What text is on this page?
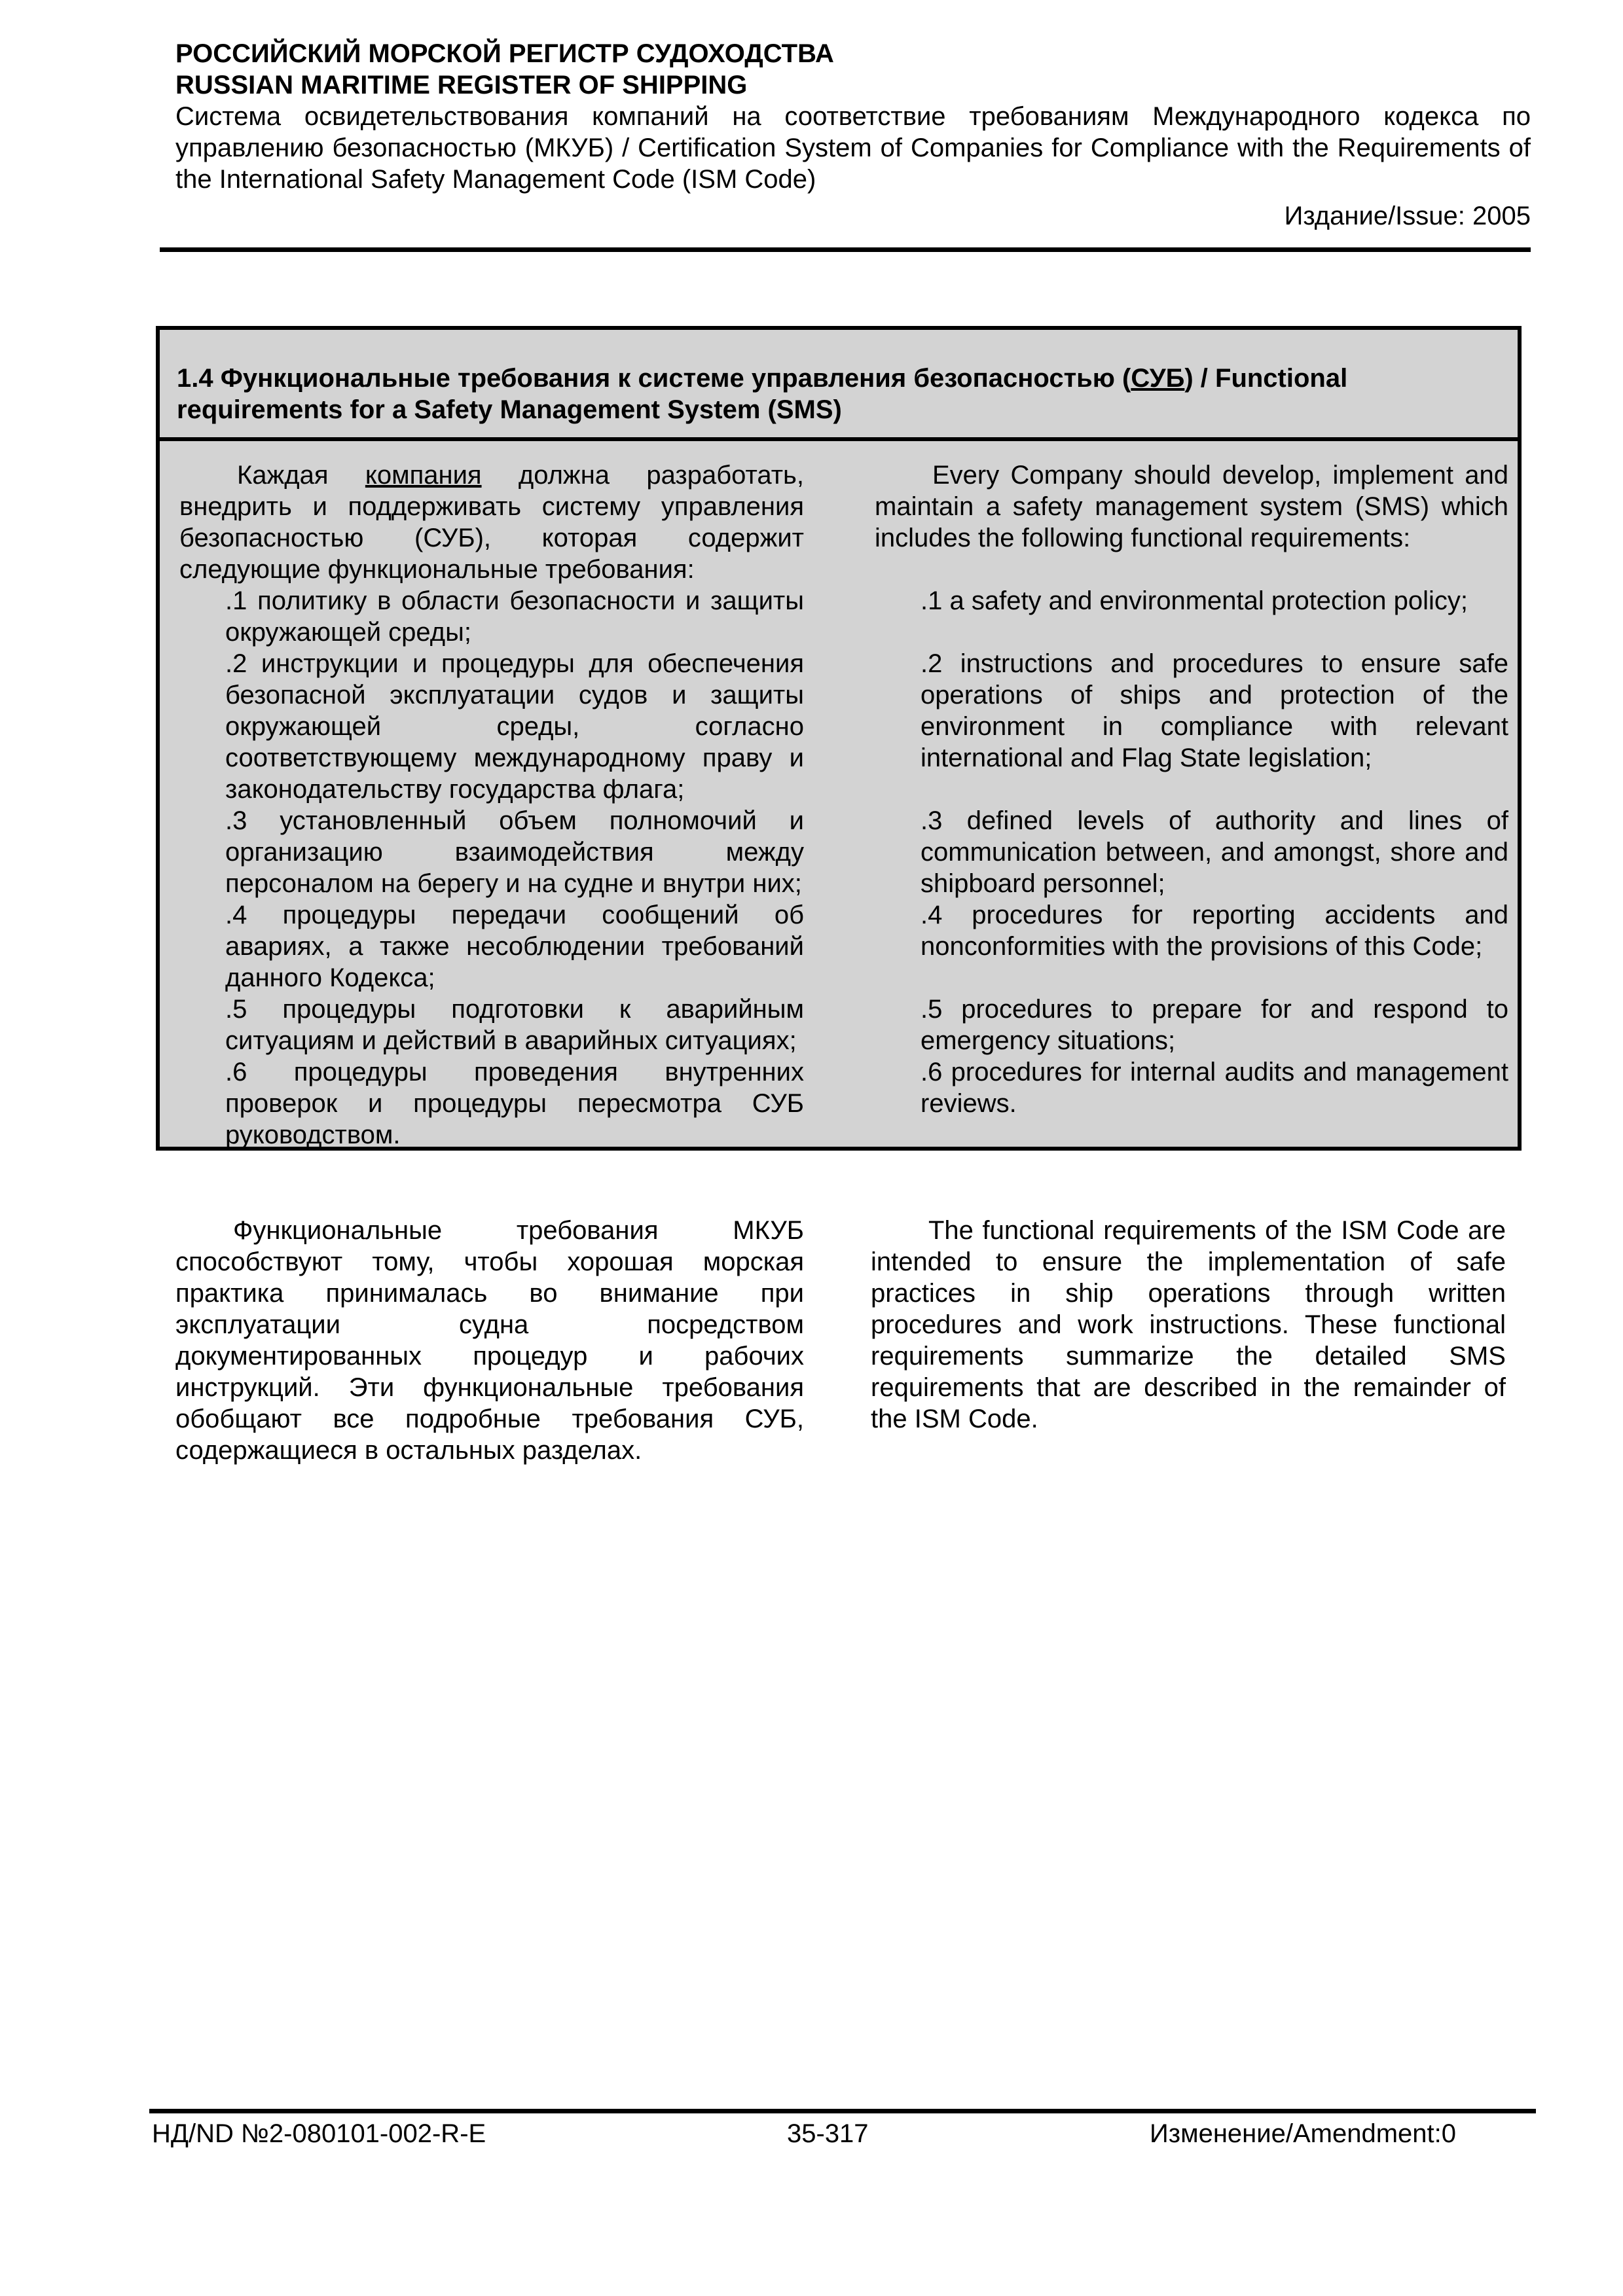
РОССИЙСКИЙ МОРСКОЙ РЕГИСТР СУДОХОДСТВА

RUSSIAN MARITIME REGISTER OF SHIPPING

Система освидетельствования компаний на соответствие требованиям Международного кодекса по управлению безопасностью (МКУБ) / Certification System of Companies for Compliance with the Requirements of the International Safety Management Code (ISM Code)

Издание/Issue: 2005

1.4 Функциональные требования к системе управления безопасностью (СУБ) / Functional requirements for a Safety Management System (SMS)

Каждая компания должна разработать, внедрить и поддерживать систему управления безопасностью (СУБ), которая содержит следующие функциональные требования:

.1 политику в области безопасности и защиты окружающей среды;

.2 инструкции и процедуры для обеспечения безопасной эксплуатации судов и защиты окружающей среды, согласно соответствующему международному праву и законодательству государства флага;

.3 установленный объем полномочий и организацию взаимодействия между персоналом на берегу и на судне и внутри них;

.4 процедуры передачи сообщений об авариях, а также несоблюдении требований данного Кодекса;

.5 процедуры подготовки к аварийным ситуациям и действий в аварийных ситуациях;

.6 процедуры проведения внутренних проверок и процедуры пересмотра СУБ руководством.

Every Company should develop, implement and maintain a safety management system (SMS) which includes the following functional requirements:

.1 a safety and environmental protection policy;

.2 instructions and procedures to ensure safe operations of ships and protection of the environment in compliance with relevant international and Flag State legislation;

.3 defined levels of authority and lines of communication between, and amongst, shore and shipboard personnel;

.4 procedures for reporting accidents and nonconformities with the provisions of this Code;

.5 procedures to prepare for and respond to emergency situations;

.6 procedures for internal audits and management reviews.

Функциональные требования МКУБ способствуют тому, чтобы хорошая морская практика принималась во внимание при эксплуатации судна посредством документированных процедур и рабочих инструкций. Эти функциональные требования обобщают все подробные требования СУБ, содержащиеся в остальных разделах.

The functional requirements of the ISM Code are intended to ensure the implementation of safe practices in ship operations through written procedures and work instructions. These functional requirements summarize the detailed SMS requirements that are described in the remainder of the ISM Code.

НД/ND №2-080101-002-R-E	35-317	Изменение/Amendment:0
